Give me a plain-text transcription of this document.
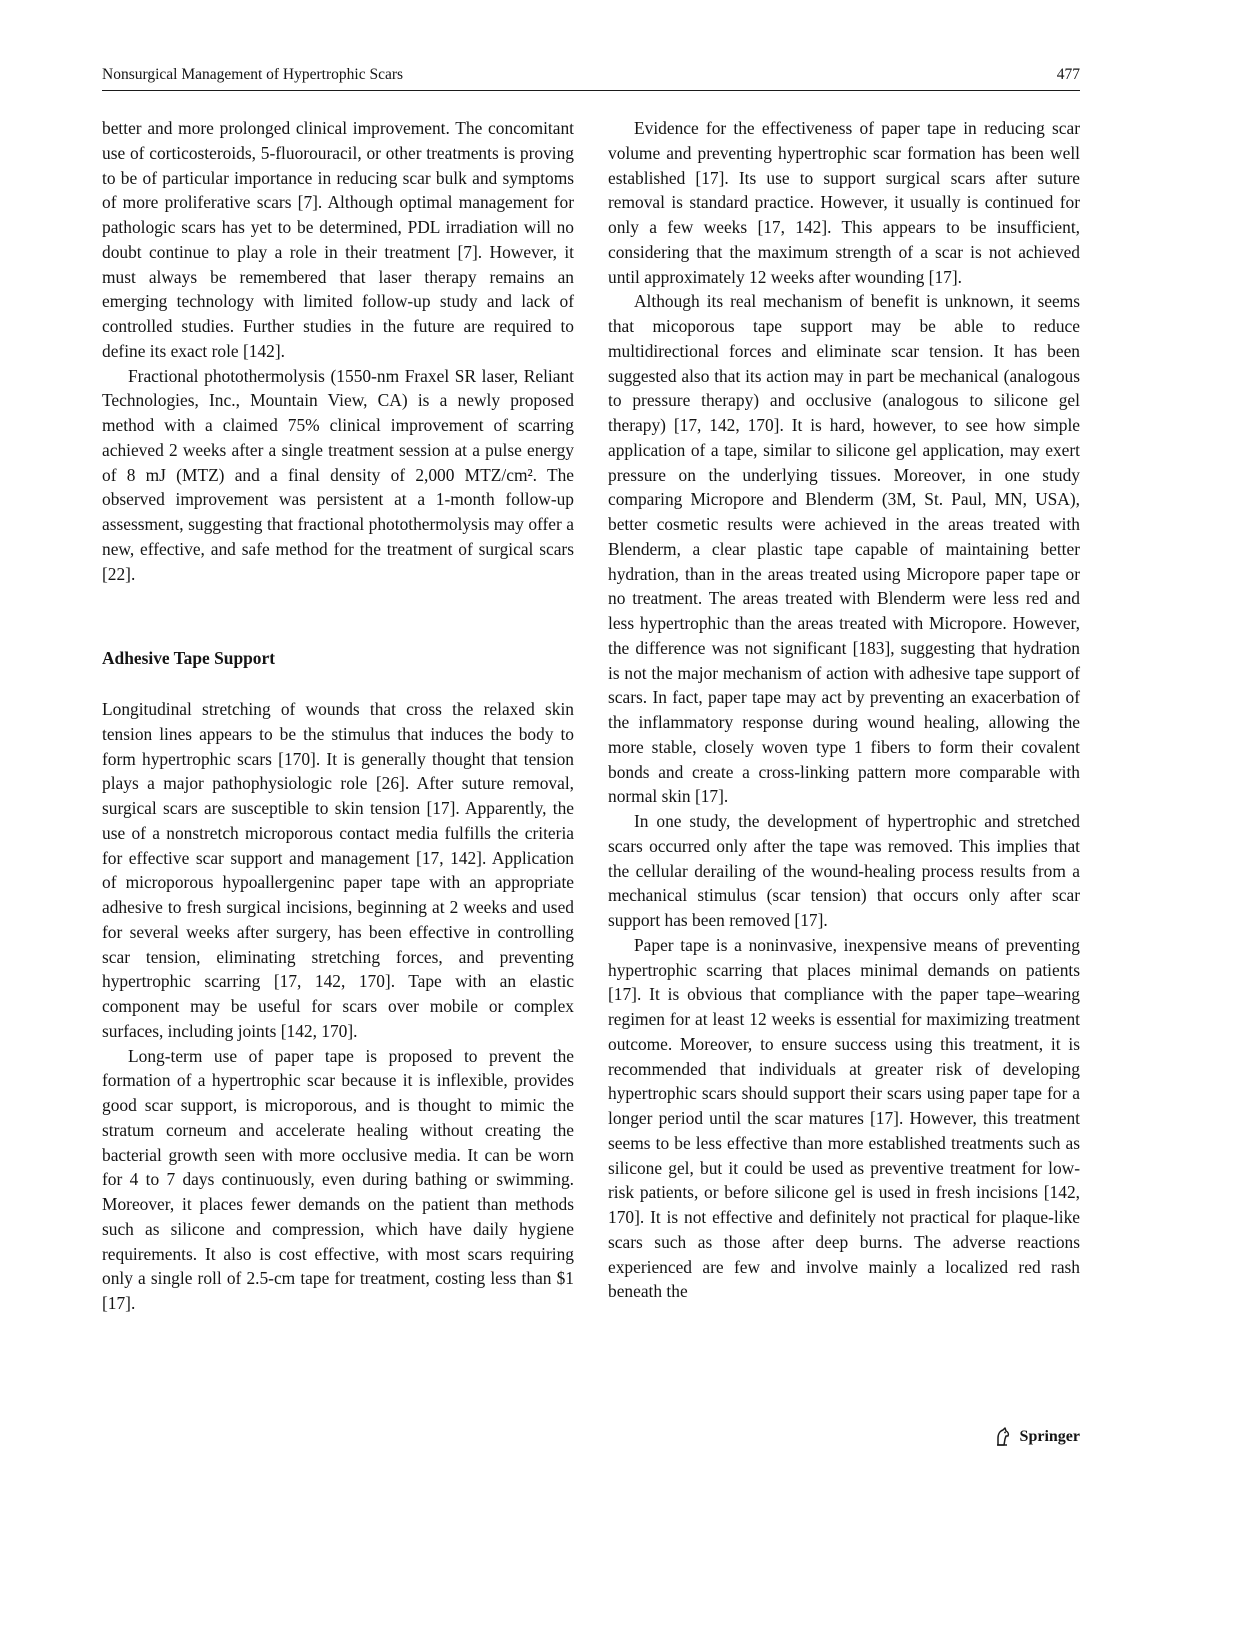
Nonsurgical Management of Hypertrophic Scars	477

better and more prolonged clinical improvement. The concomitant use of corticosteroids, 5-fluorouracil, or other treatments is proving to be of particular importance in reducing scar bulk and symptoms of more proliferative scars [7]. Although optimal management for pathologic scars has yet to be determined, PDL irradiation will no doubt continue to play a role in their treatment [7]. However, it must always be remembered that laser therapy remains an emerging technology with limited follow-up study and lack of controlled studies. Further studies in the future are required to define its exact role [142].

Fractional photothermolysis (1550-nm Fraxel SR laser, Reliant Technologies, Inc., Mountain View, CA) is a newly proposed method with a claimed 75% clinical improvement of scarring achieved 2 weeks after a single treatment session at a pulse energy of 8 mJ (MTZ) and a final density of 2,000 MTZ/cm². The observed improvement was persistent at a 1-month follow-up assessment, suggesting that fractional photothermolysis may offer a new, effective, and safe method for the treatment of surgical scars [22].

Adhesive Tape Support

Longitudinal stretching of wounds that cross the relaxed skin tension lines appears to be the stimulus that induces the body to form hypertrophic scars [170]. It is generally thought that tension plays a major pathophysiologic role [26]. After suture removal, surgical scars are susceptible to skin tension [17]. Apparently, the use of a nonstretch microporous contact media fulfills the criteria for effective scar support and management [17, 142]. Application of microporous hypoallergeninc paper tape with an appropriate adhesive to fresh surgical incisions, beginning at 2 weeks and used for several weeks after surgery, has been effective in controlling scar tension, eliminating stretching forces, and preventing hypertrophic scarring [17, 142, 170]. Tape with an elastic component may be useful for scars over mobile or complex surfaces, including joints [142, 170].

Long-term use of paper tape is proposed to prevent the formation of a hypertrophic scar because it is inflexible, provides good scar support, is microporous, and is thought to mimic the stratum corneum and accelerate healing without creating the bacterial growth seen with more occlusive media. It can be worn for 4 to 7 days continuously, even during bathing or swimming. Moreover, it places fewer demands on the patient than methods such as silicone and compression, which have daily hygiene requirements. It also is cost effective, with most scars requiring only a single roll of 2.5-cm tape for treatment, costing less than $1 [17].

Evidence for the effectiveness of paper tape in reducing scar volume and preventing hypertrophic scar formation has been well established [17]. Its use to support surgical scars after suture removal is standard practice. However, it usually is continued for only a few weeks [17, 142]. This appears to be insufficient, considering that the maximum strength of a scar is not achieved until approximately 12 weeks after wounding [17].

Although its real mechanism of benefit is unknown, it seems that micoporous tape support may be able to reduce multidirectional forces and eliminate scar tension. It has been suggested also that its action may in part be mechanical (analogous to pressure therapy) and occlusive (analogous to silicone gel therapy) [17, 142, 170]. It is hard, however, to see how simple application of a tape, similar to silicone gel application, may exert pressure on the underlying tissues. Moreover, in one study comparing Micropore and Blenderm (3M, St. Paul, MN, USA), better cosmetic results were achieved in the areas treated with Blenderm, a clear plastic tape capable of maintaining better hydration, than in the areas treated using Micropore paper tape or no treatment. The areas treated with Blenderm were less red and less hypertrophic than the areas treated with Micropore. However, the difference was not significant [183], suggesting that hydration is not the major mechanism of action with adhesive tape support of scars. In fact, paper tape may act by preventing an exacerbation of the inflammatory response during wound healing, allowing the more stable, closely woven type 1 fibers to form their covalent bonds and create a cross-linking pattern more comparable with normal skin [17].

In one study, the development of hypertrophic and stretched scars occurred only after the tape was removed. This implies that the cellular derailing of the wound-healing process results from a mechanical stimulus (scar tension) that occurs only after scar support has been removed [17].

Paper tape is a noninvasive, inexpensive means of preventing hypertrophic scarring that places minimal demands on patients [17]. It is obvious that compliance with the paper tape–wearing regimen for at least 12 weeks is essential for maximizing treatment outcome. Moreover, to ensure success using this treatment, it is recommended that individuals at greater risk of developing hypertrophic scars should support their scars using paper tape for a longer period until the scar matures [17]. However, this treatment seems to be less effective than more established treatments such as silicone gel, but it could be used as preventive treatment for low-risk patients, or before silicone gel is used in fresh incisions [142, 170]. It is not effective and definitely not practical for plaque-like scars such as those after deep burns. The adverse reactions experienced are few and involve mainly a localized red rash beneath the

Springer
